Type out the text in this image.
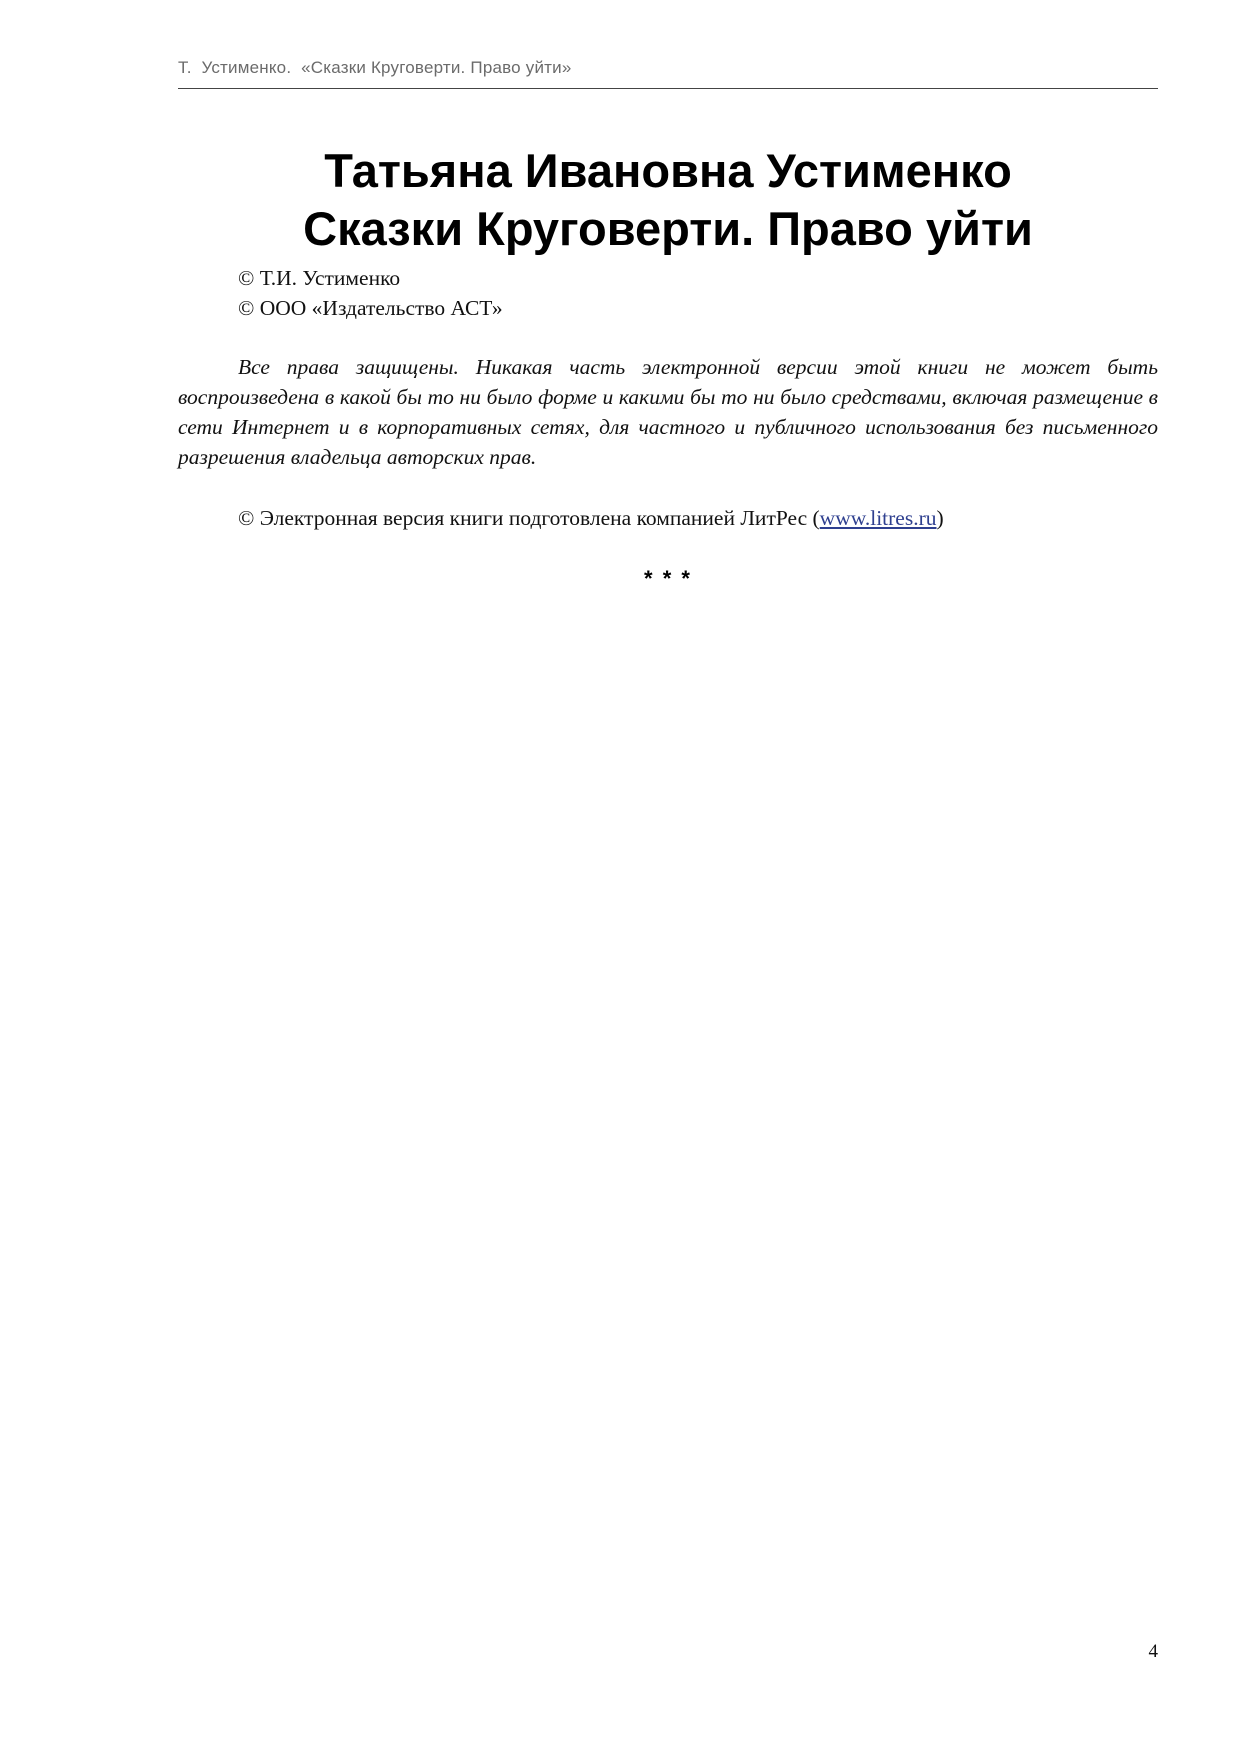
Т.  Устименко.  «Сказки Круговерти. Право уйти»
Татьяна Ивановна Устименко
Сказки Круговерти. Право уйти
© Т.И. Устименко
© ООО «Издательство АСТ»

Все права защищены. Никакая часть электронной версии этой книги не может быть воспроизведена в какой бы то ни было форме и какими бы то ни было средствами, включая размещение в сети Интернет и в корпоративных сетях, для частного и публичного использования без письменного разрешения владельца авторских прав.

© Электронная версия книги подготовлена компанией ЛитРес (www.litres.ru)

* * *
4
